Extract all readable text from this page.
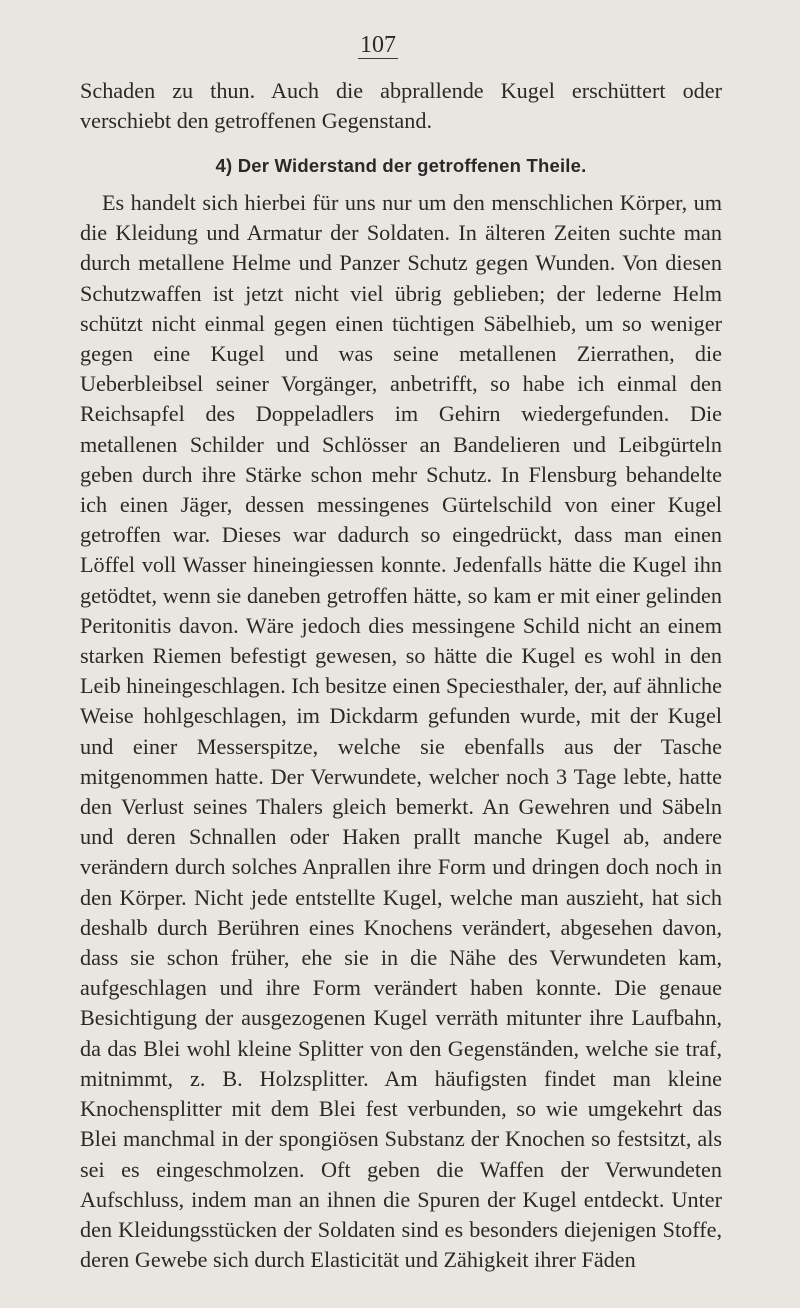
107

Schaden zu thun. Auch die abprallende Kugel erschüttert oder verschiebt den getroffenen Gegenstand.

4) Der Widerstand der getroffenen Theile.

Es handelt sich hierbei für uns nur um den menschlichen Körper, um die Kleidung und Armatur der Soldaten. In älteren Zeiten suchte man durch metallene Helme und Panzer Schutz gegen Wunden. Von diesen Schutzwaffen ist jetzt nicht viel übrig geblieben; der lederne Helm schützt nicht einmal gegen einen tüchtigen Säbelhieb, um so weniger gegen eine Kugel und was seine metallenen Zierrathen, die Ueberbleibsel seiner Vorgänger, anbetrifft, so habe ich einmal den Reichsapfel des Doppeladlers im Gehirn wiedergefunden. Die metallenen Schilder und Schlösser an Bandelieren und Leibgürteln geben durch ihre Stärke schon mehr Schutz. In Flensburg behandelte ich einen Jäger, dessen messingenes Gürtelschild von einer Kugel getroffen war. Dieses war dadurch so eingedrückt, dass man einen Löffel voll Wasser hineingiessen konnte. Jedenfalls hätte die Kugel ihn getödtet, wenn sie daneben getroffen hätte, so kam er mit einer gelinden Peritonitis davon. Wäre jedoch dies messingene Schild nicht an einem starken Riemen befestigt gewesen, so hätte die Kugel es wohl in den Leib hineingeschlagen. Ich besitze einen Speciesthaler, der, auf ähnliche Weise hohlgeschlagen, im Dickdarm gefunden wurde, mit der Kugel und einer Messerspitze, welche sie ebenfalls aus der Tasche mitgenommen hatte. Der Verwundete, welcher noch 3 Tage lebte, hatte den Verlust seines Thalers gleich bemerkt. An Gewehren und Säbeln und deren Schnallen oder Haken prallt manche Kugel ab, andere verändern durch solches Anprallen ihre Form und dringen doch noch in den Körper. Nicht jede entstellte Kugel, welche man auszieht, hat sich deshalb durch Berühren eines Knochens verändert, abgesehen davon, dass sie schon früher, ehe sie in die Nähe des Verwundeten kam, aufgeschlagen und ihre Form verändert haben konnte. Die genaue Besichtigung der ausgezogenen Kugel verräth mitunter ihre Laufbahn, da das Blei wohl kleine Splitter von den Gegenständen, welche sie traf, mitnimmt, z. B. Holzsplitter. Am häufigsten findet man kleine Knochensplitter mit dem Blei fest verbunden, so wie umgekehrt das Blei manchmal in der spongiösen Substanz der Knochen so festsitzt, als sei es eingeschmolzen. Oft geben die Waffen der Verwundeten Aufschluss, indem man an ihnen die Spuren der Kugel entdeckt. Unter den Kleidungsstücken der Soldaten sind es besonders diejenigen Stoffe, deren Gewebe sich durch Elasticität und Zähigkeit ihrer Fäden
